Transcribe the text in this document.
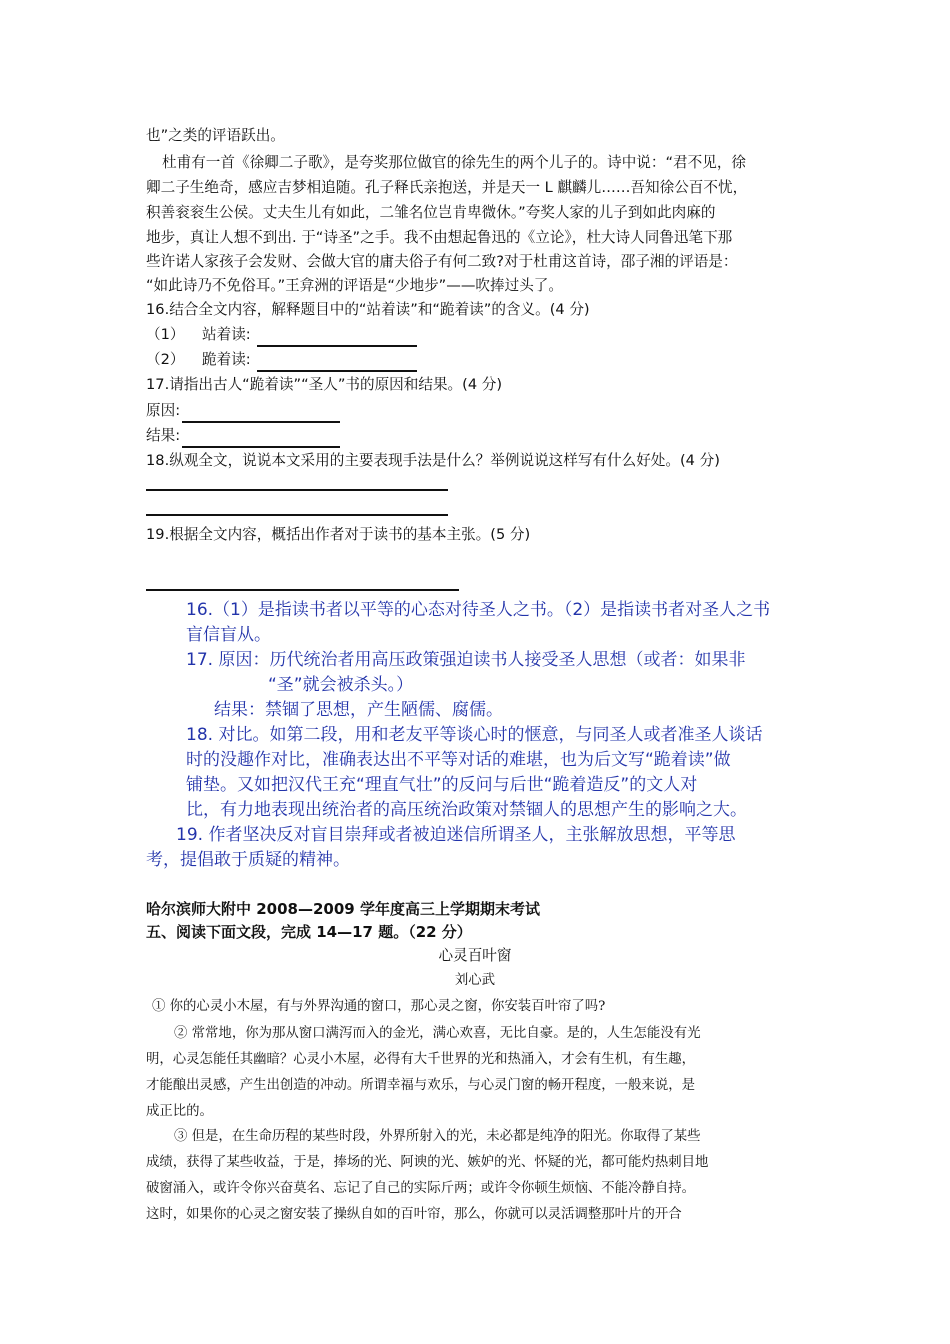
也”之类的评语跃出。
杜甫有一首《徐卿二子歌》，是夸奖那位做官的徐先生的两个儿子的。诗中说：“君不见，徐
卿二子生绝奇，感应吉梦相追随。孔子释氏亲抱送，并是天一 L 麒麟儿……吾知徐公百不忧，
积善衮衮生公侯。丈夫生儿有如此，二雏名位岂肯卑微休。”夸奖人家的儿子到如此肉麻的
地步，真让人想不到出. 于“诗圣”之手。我不由想起鲁迅的《立论》，杜大诗人同鲁迅笔下那
些许诺人家孩子会发财、会做大官的庸夫俗子有何二致?对于杜甫这首诗，邵子湘的评语是：
“如此诗乃不免俗耳。”王弇洲的评语是“少地步”——吹捧过头了。
16.结合全文内容，解释题目中的“站着读”和“跪着读”的含义。(4 分)
（1） 站着读:
（2） 跪着读:
17.请指出古人“跪着读”“圣人”书的原因和结果。(4 分)
原因:
结果:
18.纵观全文，说说本文采用的主要表现手法是什么？举例说说这样写有什么好处。(4 分)
19.根据全文内容，概括出作者对于读书的基本主张。(5 分)
16.（1）是指读书者以平等的心态对待圣人之书。（2）是指读书者对圣人之书
盲信盲从。
17. 原因：历代统治者用高压政策强迫读书人接受圣人思想（或者：如果非
“圣”就会被杀头。）
结果：禁锢了思想，产生陋儒、腐儒。
18. 对比。如第二段，用和老友平等谈心时的惬意，与同圣人或者准圣人谈话
时的没趣作对比，准确表达出不平等对话的难堪，也为后文写“跪着读”做
铺垫。又如把汉代王充“理直气壮”的反问与后世“跪着造反”的文人对
比，有力地表现出统治者的高压统治政策对禁锢人的思想产生的影响之大。
19. 作者坚决反对盲目崇拜或者被迫迷信所谓圣人，主张解放思想，平等思
考，提倡敢于质疑的精神。
哈尔滨师大附中 2008—2009 学年度高三上学期期末考试
五、阅读下面文段，完成 14—17 题。（22 分）
心灵百叶窗
刘心武
① 你的心灵小木屋，有与外界沟通的窗口，那心灵之窗，你安装百叶帘了吗?
② 常常地，你为那从窗口满泻而入的金光，满心欢喜，无比自豪。是的，人生怎能没有光
明，心灵怎能任其幽暗？心灵小木屋，必得有大千世界的光和热涌入，才会有生机，有生趣，
才能酿出灵感，产生出创造的冲动。所谓幸福与欢乐，与心灵门窗的畅开程度，一般来说，是
成正比的。
③ 但是，在生命历程的某些时段，外界所射入的光，未必都是纯净的阳光。你取得了某些
成绩，获得了某些收益，于是，捧场的光、阿谀的光、嫉妒的光、怀疑的光，都可能灼热刺目地
破窗涌入，或许令你兴奋莫名、忘记了自己的实际斤两；或许令你顿生烦恼、不能冷静自持。
这时，如果你的心灵之窗安装了操纵自如的百叶帘，那么，你就可以灵活调整那叶片的开合
